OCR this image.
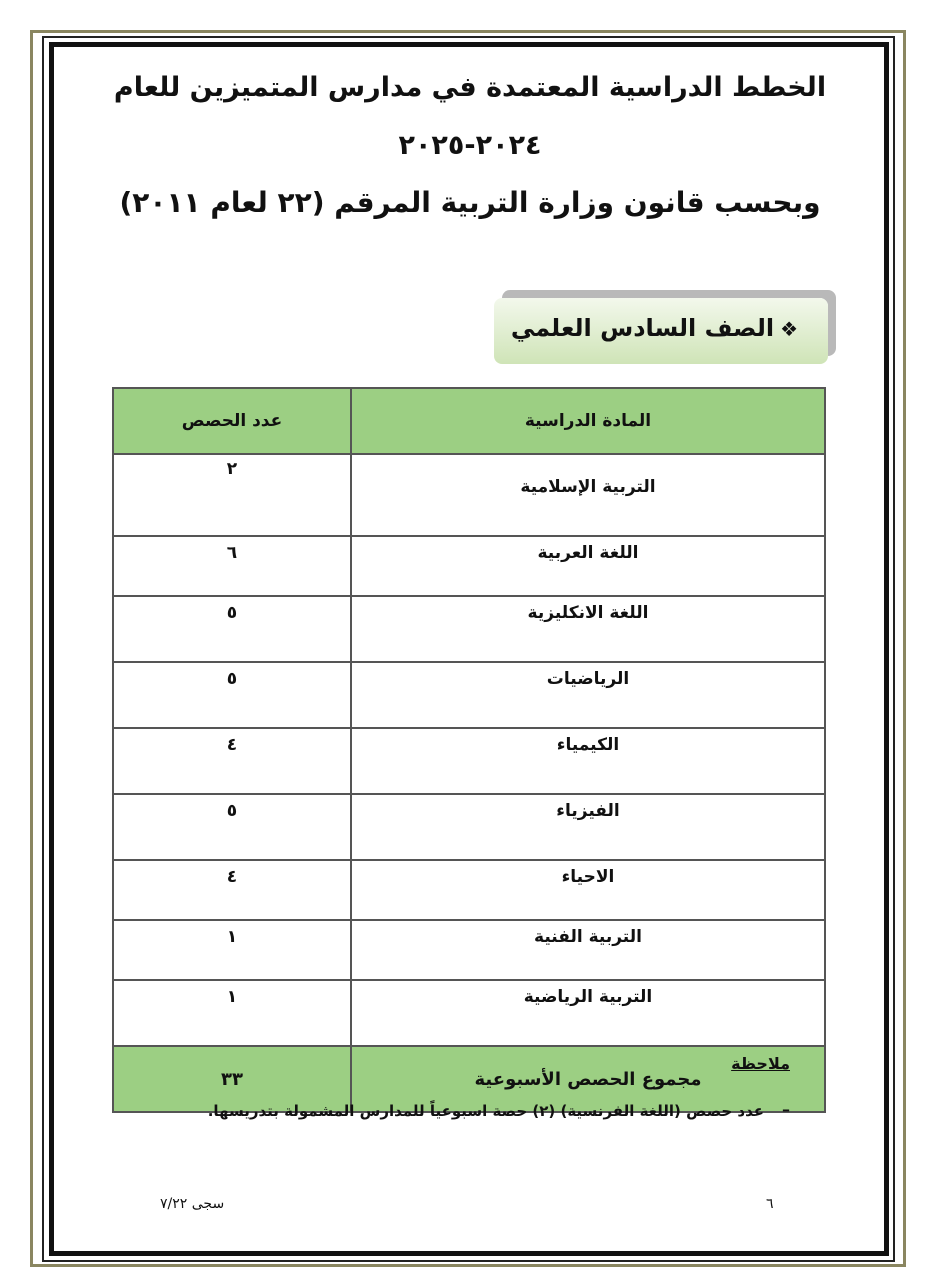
الخطط الدراسية المعتمدة في مدارس المتميزين للعام
٢٠٢٤-٢٠٢٥
وبحسب قانون وزارة التربية المرقم (٢٢ لعام ٢٠١١)
❖الصف السادس العلمي
المادة الدراسية	عدد الحصص
التربية الإسلامية	٢
اللغة العربية	٦
اللغة الانكليزية	٥
الرياضيات	٥
الكيمياء	٤
الفيزياء	٥
الاحياء	٤
التربية الفنية	١
التربية الرياضية	١
مجموع الحصص الأسبوعية	٣٣
ملاحظة
–
عدد حصص (اللغة الفرنسية) (٢) حصة اسبوعياً للمدارس المشمولة بتدريسها.
٦
سجى ٧/٢٢
